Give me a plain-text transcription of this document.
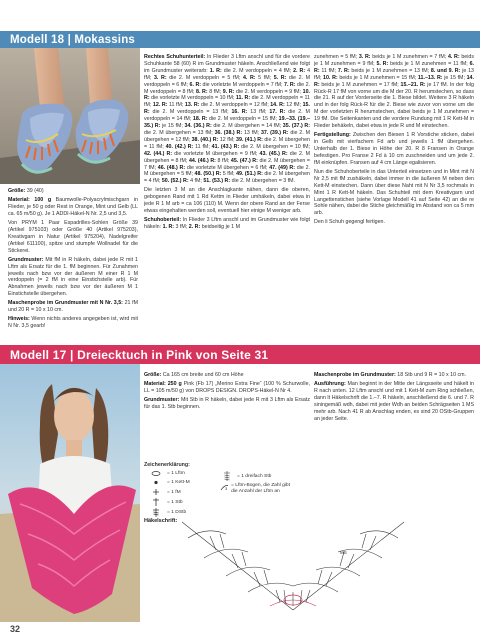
Modell 18 | Mokassins

Größe: 39 (40)

Material: 100 g Baumwolle-Polyacrylmischgarn in Flieder, je 50 g oder Rest in Orange, Mint und Gelb (LL ca. 65 m/50 g). Je 1 ADDI-Häkel-N Nr. 2,5 und 3,5.

Von PRYM 1 Paar Espadrilles-Sohlen Größe 39 (Artikel 975103) oder Größe 40 (Artikel 975203), Kreativgarn in Natur (Artikel 975204), Nadelgreifer (Artikel 611100), spitze und stumpfe Wollnadel für die Stickerei.

Grundmuster: Mit fM in R häkeln, dabei jede R mit 1 Lftm als Ersatz für die 1. fM beginnen. Für Zunahmen jeweils nach bzw vor der äußeren M einer R 1 M verdoppeln (= 2 fM in eine Einstichstelle arb). Für Abnahmen jeweils nach bzw vor der äußeren M 1 Einstichstelle übergehen.

Maschenprobe im Grundmuster mit N Nr. 3,5: 21 fM und 20 R = 10 x 10 cm.

Hinweis: Wenn nichts anderes angegeben ist, wird mit N Nr. 3,5 gearb!

Rechtes Schuhunterteil: In Flieder 3 Lftm anschl und für die vordere Schuhkante 58 (60) R im Grundmuster häkeln. Anschließend wie folgt im Grundmuster weiterarb: 1. R: die 2. M verdoppeln = 4 fM; 2. R: 4 fM; 3. R: die 2. M verdoppeln = 5 fM; 4. R: 5 fM; 5. R: die 2. M verdoppeln = 6 fM; 6. R: die vorletzte M verdoppeln = 7 fM; 7. R: die 2. M verdoppeln = 8 fM; 8. R: 8 fM; 9. R: die 2. M verdoppeln = 9 fM; 10. R: die vorletzte M verdoppeln = 10 fM; 11. R: die 2. M verdoppeln = 11 fM; 12. R: 11 fM; 13. R: die 2. M verdoppeln = 12 fM; 14. R: 12 fM; 15. R: die 2. M verdoppeln = 13 fM; 16. R: 13 fM; 17. R: die 2. M verdoppeln = 14 fM; 18. R: die 2. M verdoppeln = 15 fM; 19.–33. (19.–35.) R: je 15 fM; 34. (36.) R: die 2. M übergehen = 14 fM; 35. (37.) R: die 2. M übergehen = 13 fM; 36. (38.) R: 13 fM; 37. (39.) R: die 2. M übergehen = 12 fM; 38. (40.) R: 12 fM; 39. (41.) R: die 2. M übergehen = 11 fM; 40. (42.) R: 11 fM; 41. (43.) R: die 2. M übergehen = 10 fM; 42. (44.) R: die vorletzte M übergehen = 9 fM; 43. (45.) R: die 2. M übergehen = 8 fM; 44. (46.) R: 8 fM; 45. (47.) R: die 2. M übergehen = 7 fM; 46. (48.) R: die vorletzte M übergehen = 6 fM; 47. (49) R: die 2. M übergehen = 5 fM; 48. (50.) R: 5 fM; 49. (51.) R: die 2. M übergehen = 4 fM; 50. (52.) R: 4 fM; 51. (53.) R: die 2. M übergehen = 3 fM.

Die letzten 3 M an die Anschlagkante nähen, dann die oberen, gebogenen Rand mit 1 Rd Kettm in Flieder umhäkeln, dabei etwa in jede R 1 M arb = ca 106 (110) M. Wenn der obere Rand an der Ferse etwas eingehalten werden soll, eventuell hier einige M weniger arb.

Schuhoberteil: In Flieder 3 Lftm anschl und im Grundmuster wie folgt häkeln: 1. R: 3 fM; 2. R: beidseitig je 1 M

zunehmen = 5 fM; 3. R: beids je 1 M zunehmen = 7 fM; 4. R: beids je 1 M zunehmen = 9 fM; 5. R: beids je 1 M zunehmen = 11 fM; 6. R: 11 fM; 7. R: beids je 1 M zunehmen = 13 fM; 8. und 9. R: je 13 fM; 10. R: beids je 1 M zunehmen = 15 fM; 11.–13. R: je 15 fM; 14. R: beids je 1 M zunehmen = 17 fM; 15.–21. R: je 17 fM. In der folg Rück-R 17 fM von vorne um die M der 20. R herumstechen, so dass die 21. R auf der Vorderseite die 1. Biese bildet. Weitere 3 R häkeln und in der folg Rück-R für die 2. Biese wie zuvor von vorne um die M der vorletzten R herumstechen, dabei beids je 1 M zunehmen = 19 fM. Die Seitenkanten und die vordere Rundung mit 1 R Kett-M in Flieder behäkeln, dabei etwa in jede R und M einstechen.

Fertigstellung: Zwischen den Biesen 1 R Vorstiche sticken, dabei in Gelb mit vierfachem Fd arb und jeweils 1 fM übergehen. Unterhalb der 1. Biese in Höhe der 20. R 8 Fransen in Orange befestigen. Pro Franse 2 Fd à 10 cm zuschneiden und um jede 2. fM einknüpfen. Fransen auf 4 cm Länge egalisieren.

Nun die Schuhoberteile in das Unterteil einsetzen und in Mint mit N Nr 2,5 mit fM zushäkeln, dabei immer in die äußeren M neben den Kett-M einstechen. Dann über diese Naht mit N Nr 3,5 rochmals in Mint 1 R Kett-M häkeln. Das Schuhteil mit dem Kreativgarn und Langettenstichen (siehe Vorlage Modell 41 auf Seite 42) an die re Sohle nähen, dabei die Stiche gleichmäßig im Abstand von ca 5 mm arb.

Den li Schuh gegengl fertigen.

Modell 17 | Dreiecktuch in Pink von Seite 31

Größe: Ca 165 cm breite und 60 cm Höhe

Material: 250 g Pink (Fb 17) „Merino Extra Fine“ (100 % Schurwolle, LL = 105 m/50 g) von DROPS DESIGN. DROPS-Häkel-N Nr 4.

Grundmuster: Mit Stb in R häkeln, dabei jede R mit 3 Lftm als Ersatz für das 1. Stb beginnen.

Zeichenerklärung:
= 1 Lftm
= 1 Kett-M
= 1 fM
= 1 Stb
= 1 DStb
= 1 dreifach Stb
3
= Lftm-Bogen, die Zahl gibt die Anzahl der Lftm an
Häkelschrift:
MS

Maschenprobe im Grundmuster: 18 Stb und 9 R = 10 x 10 cm.

Ausführung: Man beginnt in der Mitte der Längsseite und häkelt in R nach unten. 12 Lftm anschl und mit 1 Kett-M zum Ring schließen, dann It Häkelschrift die 1.–7. R häkeln, anschließend die 6. und 7. R siningemäß wdh, dabei mit jeder Wdh an beiden Schrägseiten 1 MS mehr arb. Nach 41 R ab Anschlag enden, es sind 20 OStb-Gruppen an jeder Seite.

32
